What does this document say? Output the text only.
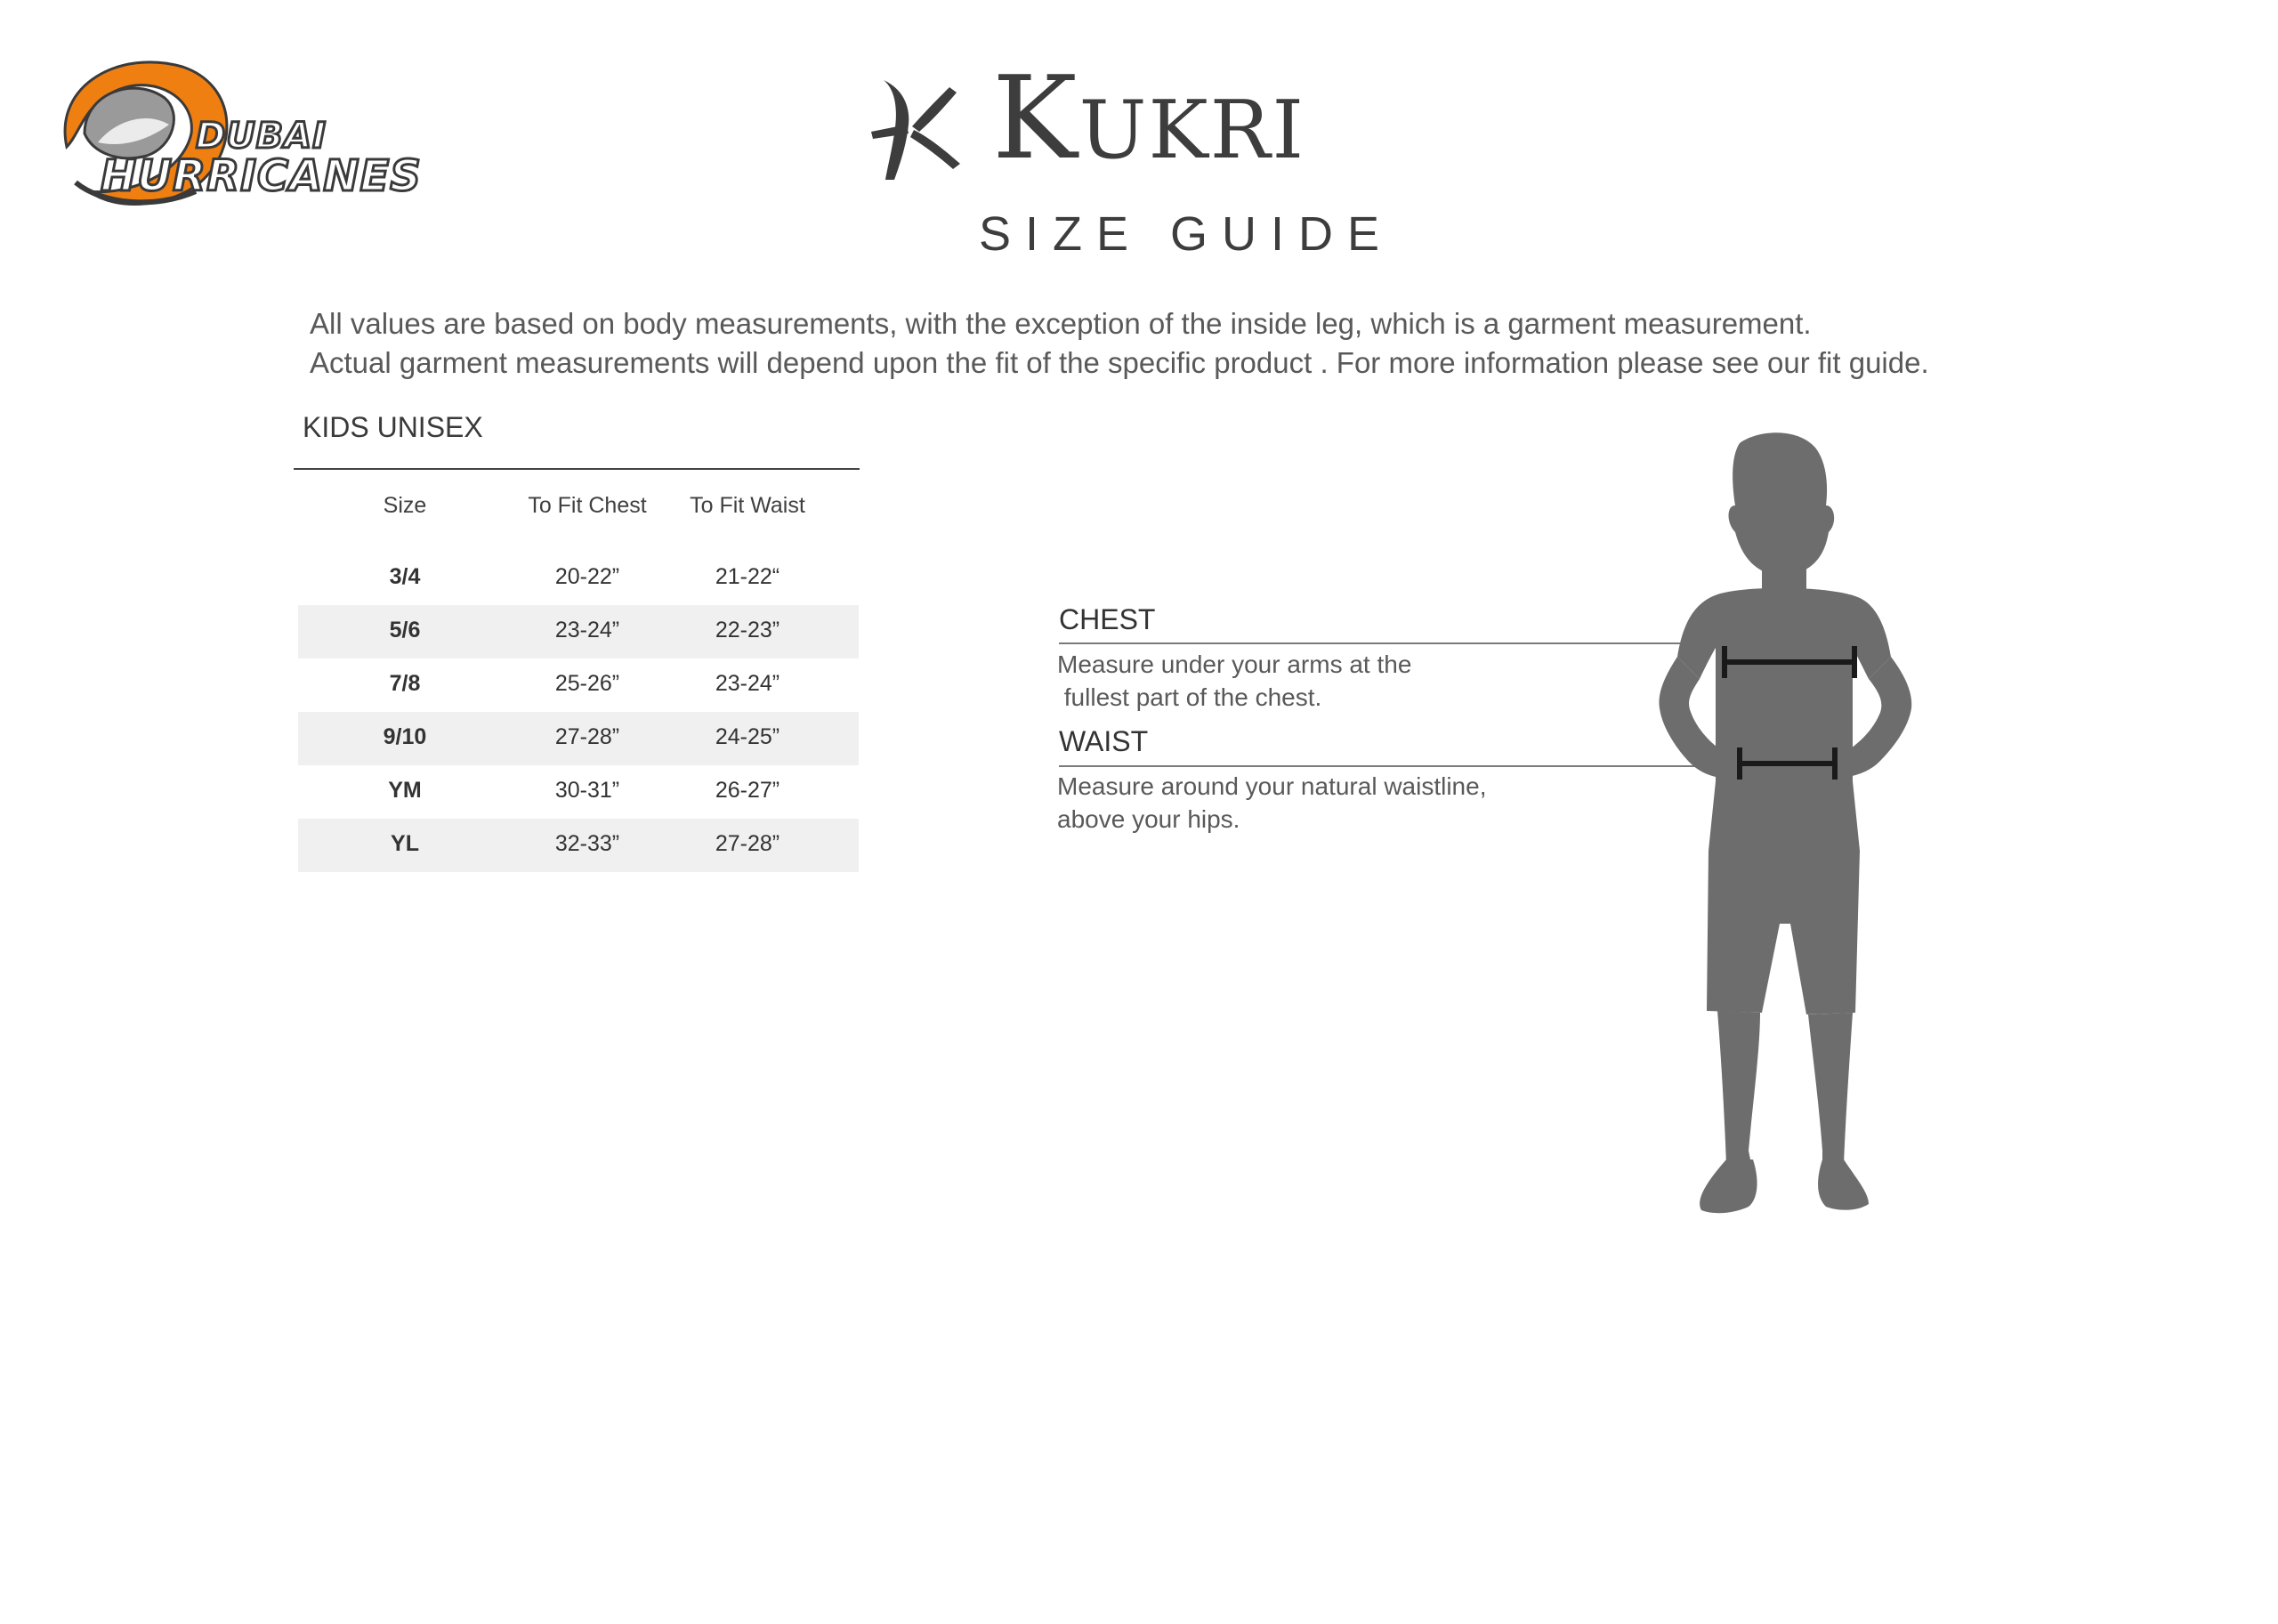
DUBAI
HURRICANES	Kukri
SIZE GUIDE
All values are based on body measurements, with the exception of the inside leg, which is a garment measurement.
Actual garment measurements will depend upon the fit of the specific product . For more information please see our fit guide.
KIDS UNISEX
Size	To Fit Chest	To Fit Waist
3/4	20-22”	21-22“
5/6	23-24”	22-23”
7/8	25-26”	23-24”
9/10	27-28”	24-25”
YM	30-31”	26-27”
YL	32-33”	27-28”
CHEST
Measure under your arms at the
fullest part of the chest.
WAIST
Measure around your natural waistline,
above your hips.
